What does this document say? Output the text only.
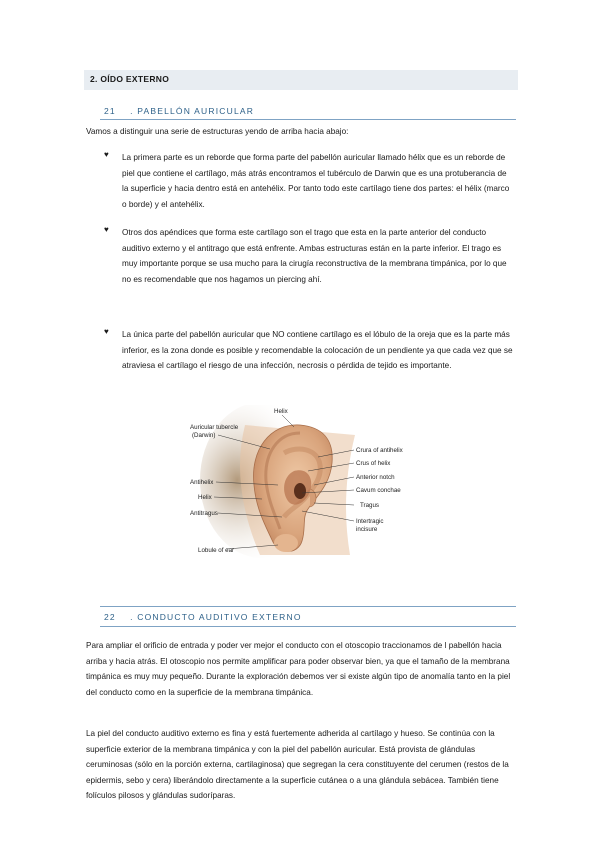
2. OÍDO EXTERNO
21 . PABELLÓN AURICULAR
Vamos a distinguir una serie de estructuras yendo de arriba hacia abajo:
♥ La primera parte es un reborde que forma parte del pabellón auricular llamado hélix que es un reborde de piel que contiene el cartílago, más atrás encontramos el tubérculo de Darwin que es una protuberancia de la superficie y hacia dentro está en antehélix. Por tanto todo este cartílago tiene dos partes: el hélix (marco o borde) y el antehélix.
♥ Otros dos apéndices que forma este cartílago son el trago que esta en la parte anterior del conducto auditivo externo y el antitrago que está enfrente. Ambas estructuras están en la parte inferior. El trago es muy importante porque se usa mucho para la cirugía reconstructiva de la membrana timpánica, por lo que no es recomendable que nos hagamos un piercing ahí.
♥ La única parte del pabellón auricular que NO contiene cartílago es el lóbulo de la oreja que es la parte más inferior, es la zona donde es posible y recomendable la colocación de un pendiente ya que cada vez que se atraviesa el cartílago el riesgo de una infección, necrosis o pérdida de tejido es importante.
Helix
Auricular tubercle
(Darwin)
Antihelix
Helix
Antitragus
Lobule of ear
Crura of antihelix
Crus of helix
Anterior notch
Cavum conchae
Tragus
Intertragic
incisure
22 . CONDUCTO AUDITIVO EXTERNO
Para ampliar el orificio de entrada y poder ver mejor el conducto con el otoscopio traccionamos de l pabellón hacia arriba y hacia atrás. El otoscopio nos permite amplificar para poder observar bien, ya que el tamaño de la membrana timpánica es muy muy pequeño. Durante la exploración debemos ver si existe algún tipo de anomalía tanto en la piel del conducto como en la superficie de la membrana timpánica.
La piel del conducto auditivo externo es fina y está fuertemente adherida al cartílago y hueso. Se continúa con la superficie exterior de la membrana timpánica y con la piel del pabellón auricular. Está provista de glándulas ceruminosas (sólo en la porción externa, cartilaginosa) que segregan la cera constituyente del cerumen (restos de la epidermis, sebo y cera) liberándolo directamente a la superficie cutánea o a una glándula sebácea. También tiene folículos pilosos y glándulas sudoríparas.
